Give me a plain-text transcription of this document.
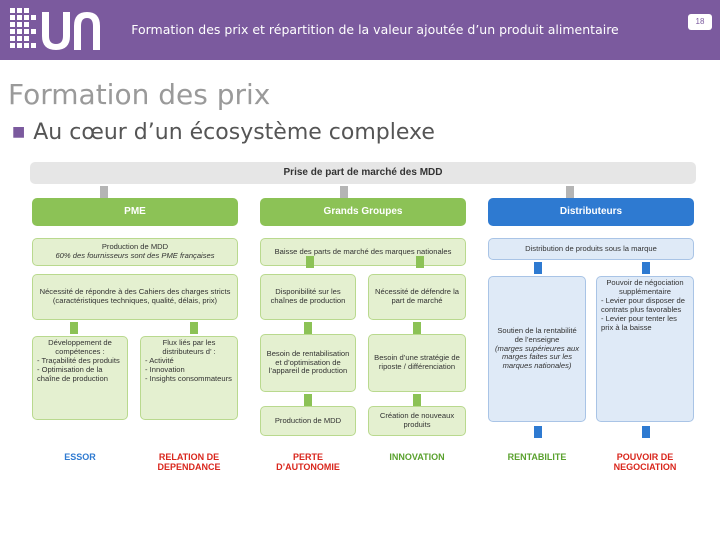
Formation des prix et répartition de la valeur ajoutée d’un produit alimentaire
18
Formation des prix
■ Au cœur d’un écosystème complexe
Prise de part de marché des MDD
PME	Grands Groupes	Distributeurs
Production de MDD
60% des fournisseurs sont des PME françaises
Nécessité de répondre à des Cahiers des charges stricts (caractéristiques techniques, qualité, délais, prix)
Développement de compétences :
- Traçabilité des produits
- Optimisation de la chaîne de production
Flux liés par les distributeurs d’ :
- Activité
- Innovation
- Insights consommateurs
ESSOR	RELATION DE DEPENDANCE
Baisse des parts de marché des marques nationales
Disponibilité sur les chaînes de production
Nécessité de défendre la part de marché
Besoin de rentabilisation et d’optimisation de l’appareil de production
Besoin d’une stratégie de riposte / différenciation
Production de MDD	Création de nouveaux produits
PERTE D’AUTONOMIE
INNOVATION
Distribution de produits sous la marque
Soutien de la rentabilité de l’enseigne
(marges supérieures aux marges faites sur les marques nationales)
Pouvoir de négociation supplémentaire
- Levier pour disposer de contrats plus favorables
- Levier pour tenter les prix à la baisse
RENTABILITE	POUVOIR DE NEGOCIATION
